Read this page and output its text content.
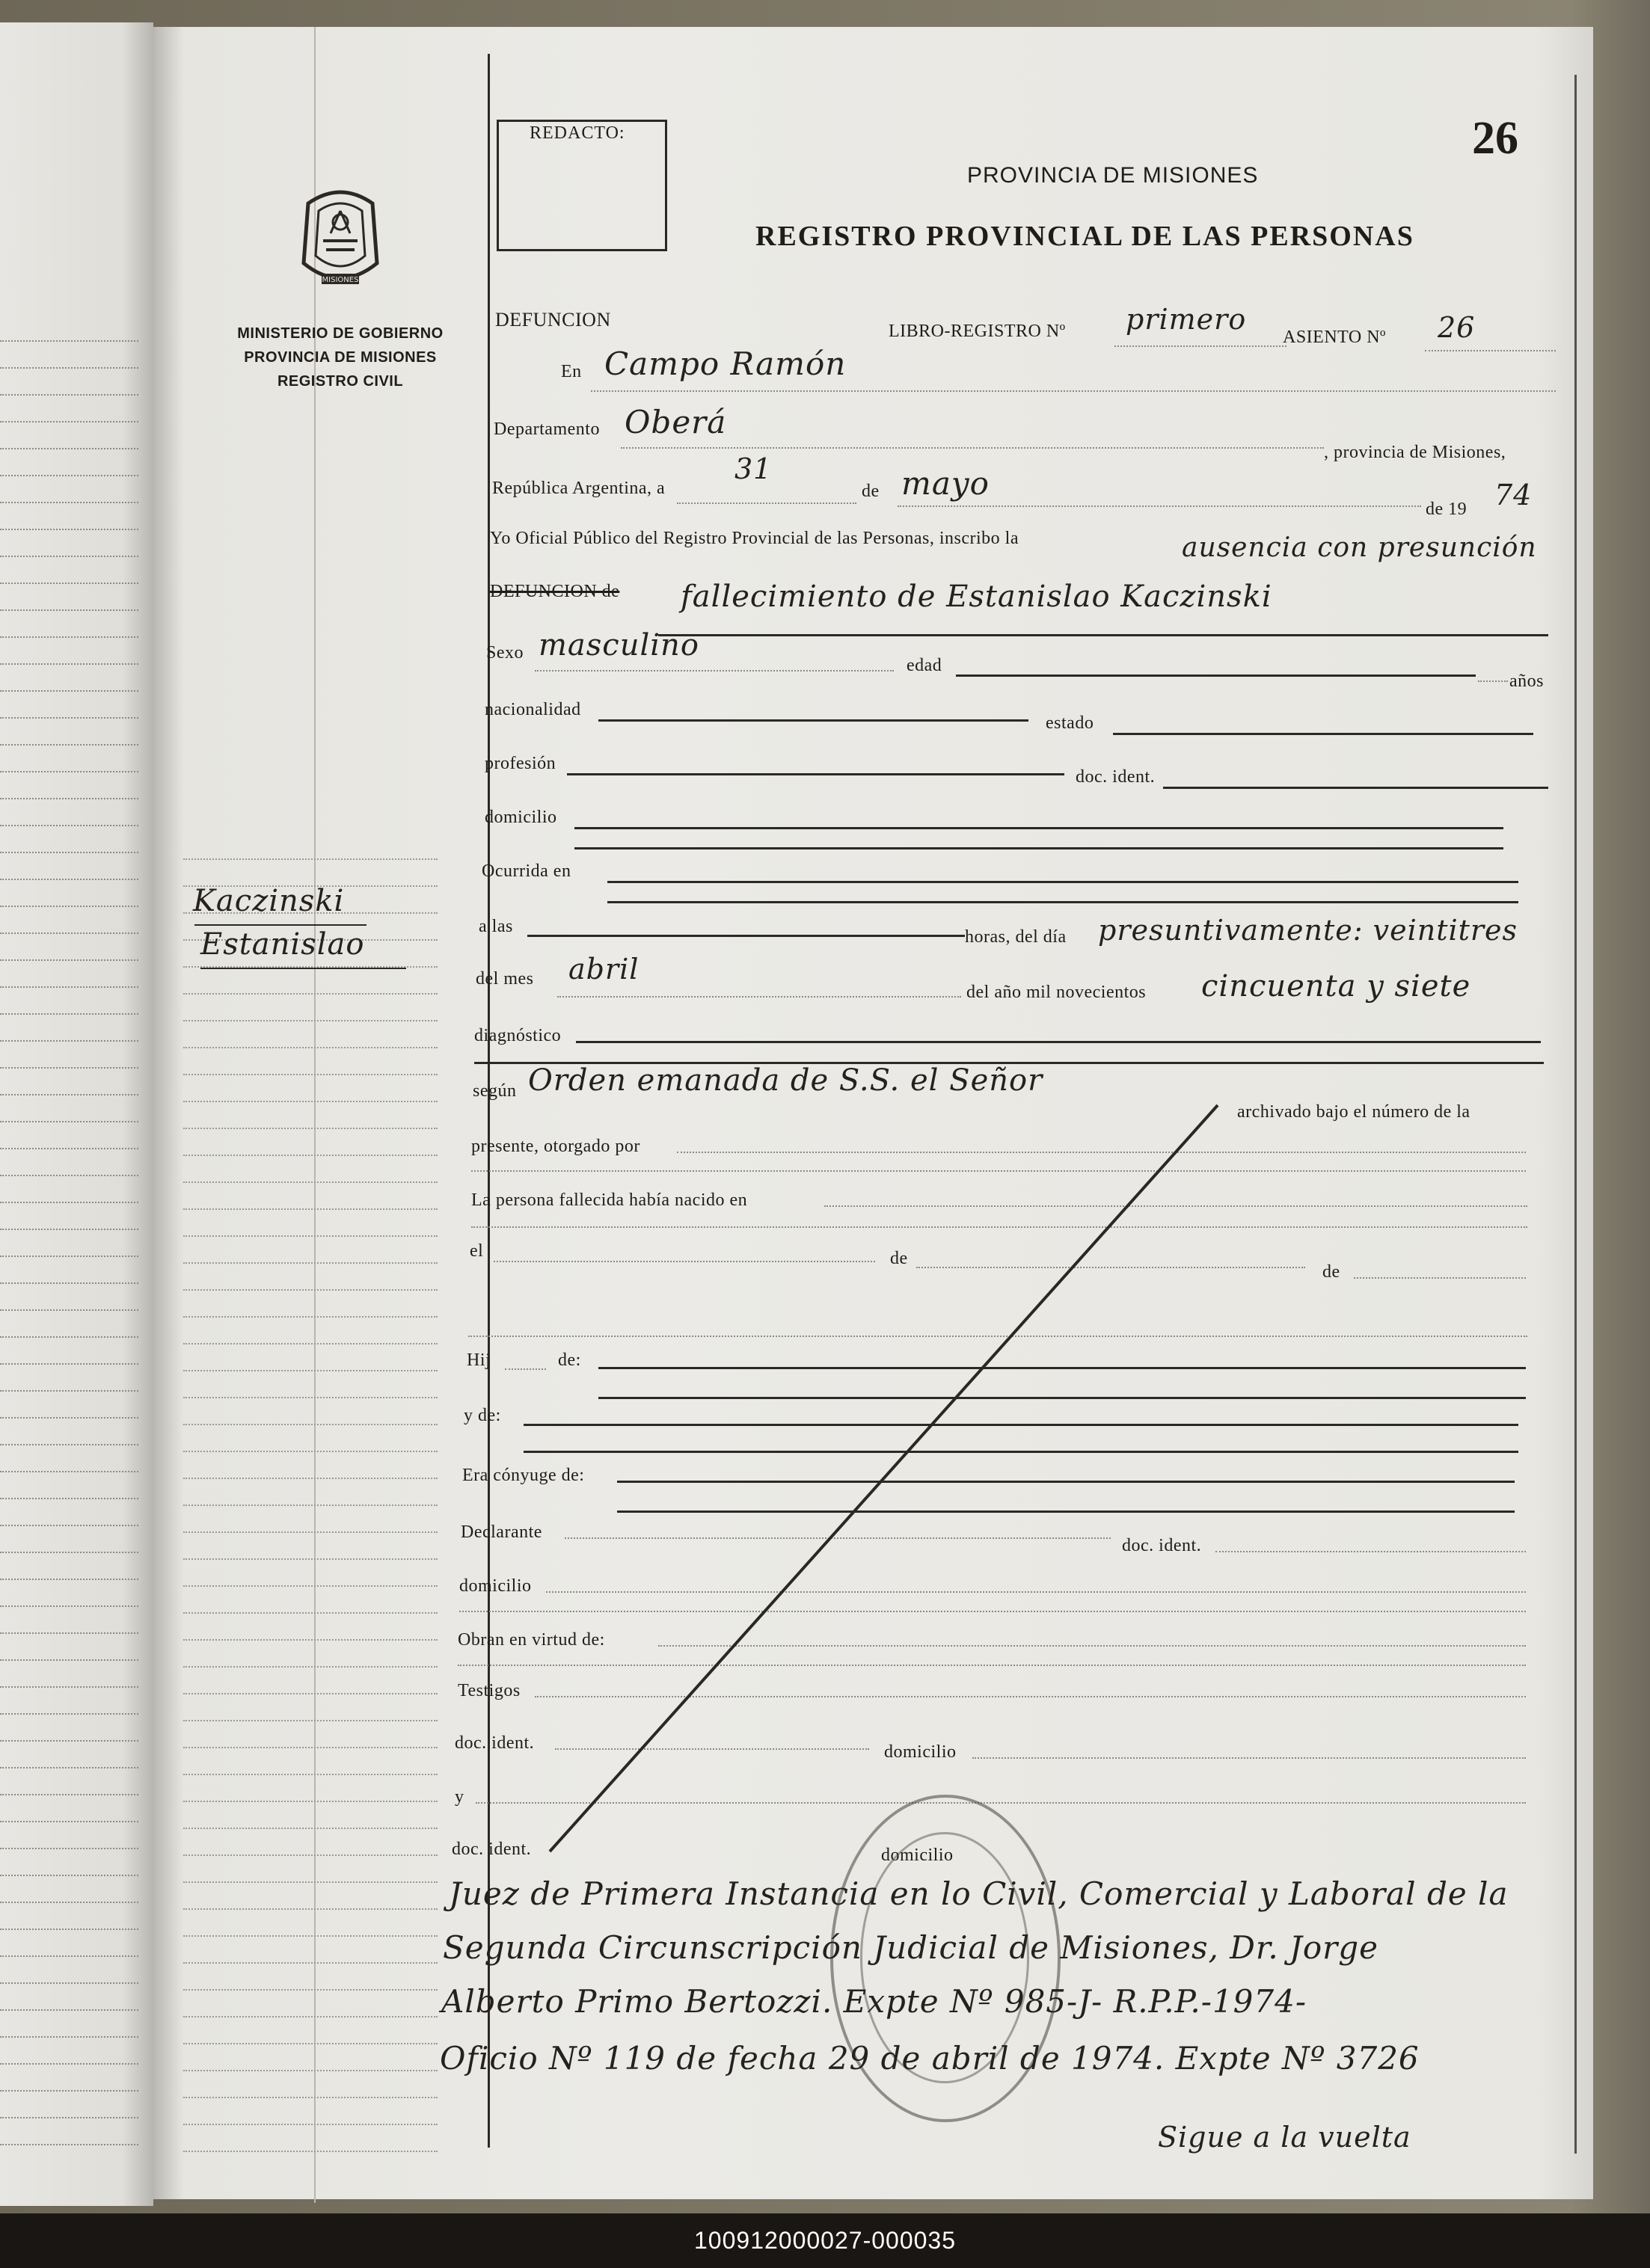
MISIONES
MINISTERIO DE GOBIERNO
PROVINCIA DE MISIONES
REGISTRO CIVIL
Kaczinski
Estanislao
REDACTO:	26
PROVINCIA DE MISIONES
REGISTRO PROVINCIAL DE LAS PERSONAS
DEFUNCION
LIBRO-REGISTRO Nº primero
ASIENTO Nº 26
En Campo Ramón
Departamento Oberá
, provincia de Misiones,
República Argentina, a
31
de mayo
de 19 74
Yo Oficial Público del Registro Provincial de las Personas, inscribo la	ausencia con presunción
DEFUNCION de fallecimiento de Estanislao Kaczinski
Sexo masculino
edad
años
nacionalidad
estado
profesión
doc. ident.
domicilio
Ocurrida en
a las
horas, del día presuntivamente: veintitres
del mes abril
del año mil novecientos cincuenta y siete
diagnóstico
según Orden emanada de S.S. el Señor
archivado bajo el número de la
presente, otorgado por
La persona fallecida había nacido en
el	de
de
Hij	de:
y de:
Era cónyuge de:
Declarante
doc. ident.
domicilio
Obran en virtud de:
Testigos
doc. ident.	domicilio
y
doc. ident.	domicilio
Juez de Primera Instancia en lo Civil, Comercial y Laboral de la
Segunda Circunscripción Judicial de Misiones, Dr. Jorge
Alberto Primo Bertozzi. Expte Nº 985-J- R.P.P.-1974-
Oficio Nº 119 de fecha 29 de abril de 1974. Expte Nº 3726
Sigue a la vuelta
100912000027-000035
